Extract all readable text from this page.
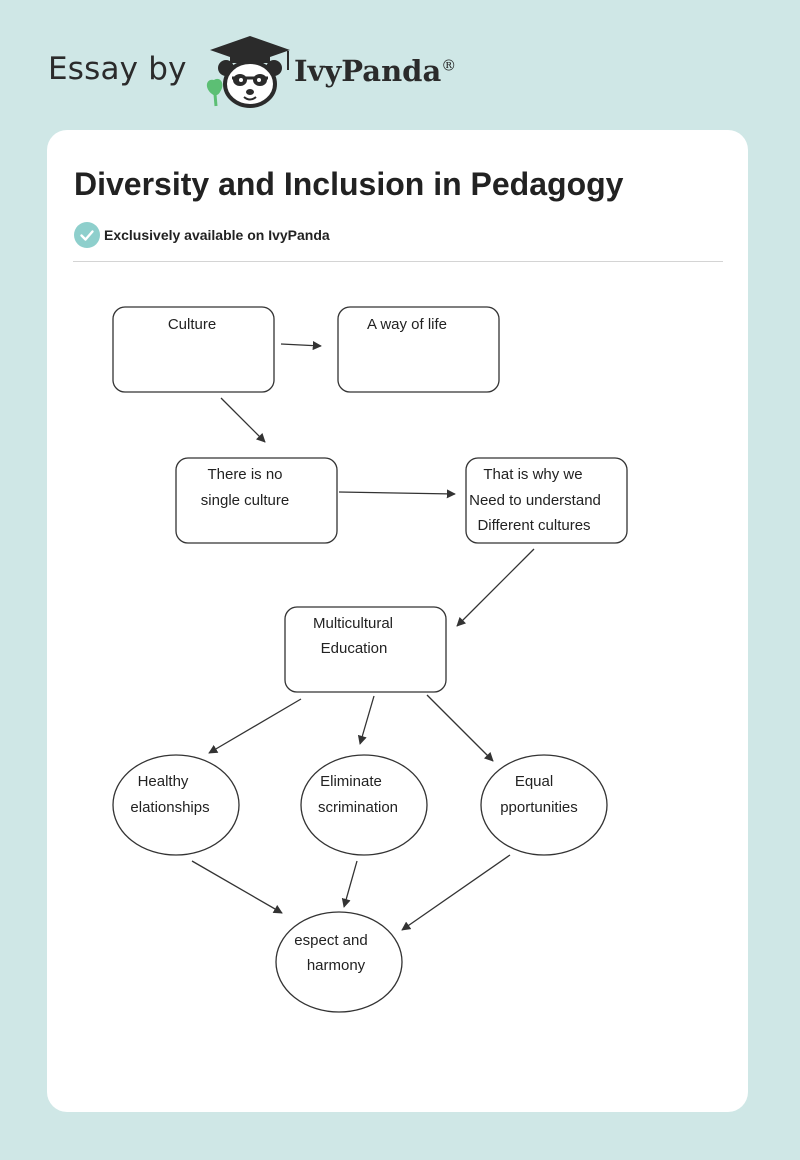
Essay by	IvyPanda®
Diversity and Inclusion in Pedagogy
Exclusively available on IvyPanda
Culture	A way of life
There is no
single culture
That is why we
Need to understand
Different cultures
Multicultural
Education
Healthy
elationships
Eliminate
scrimination
Equal
pportunities
espect and
harmony
